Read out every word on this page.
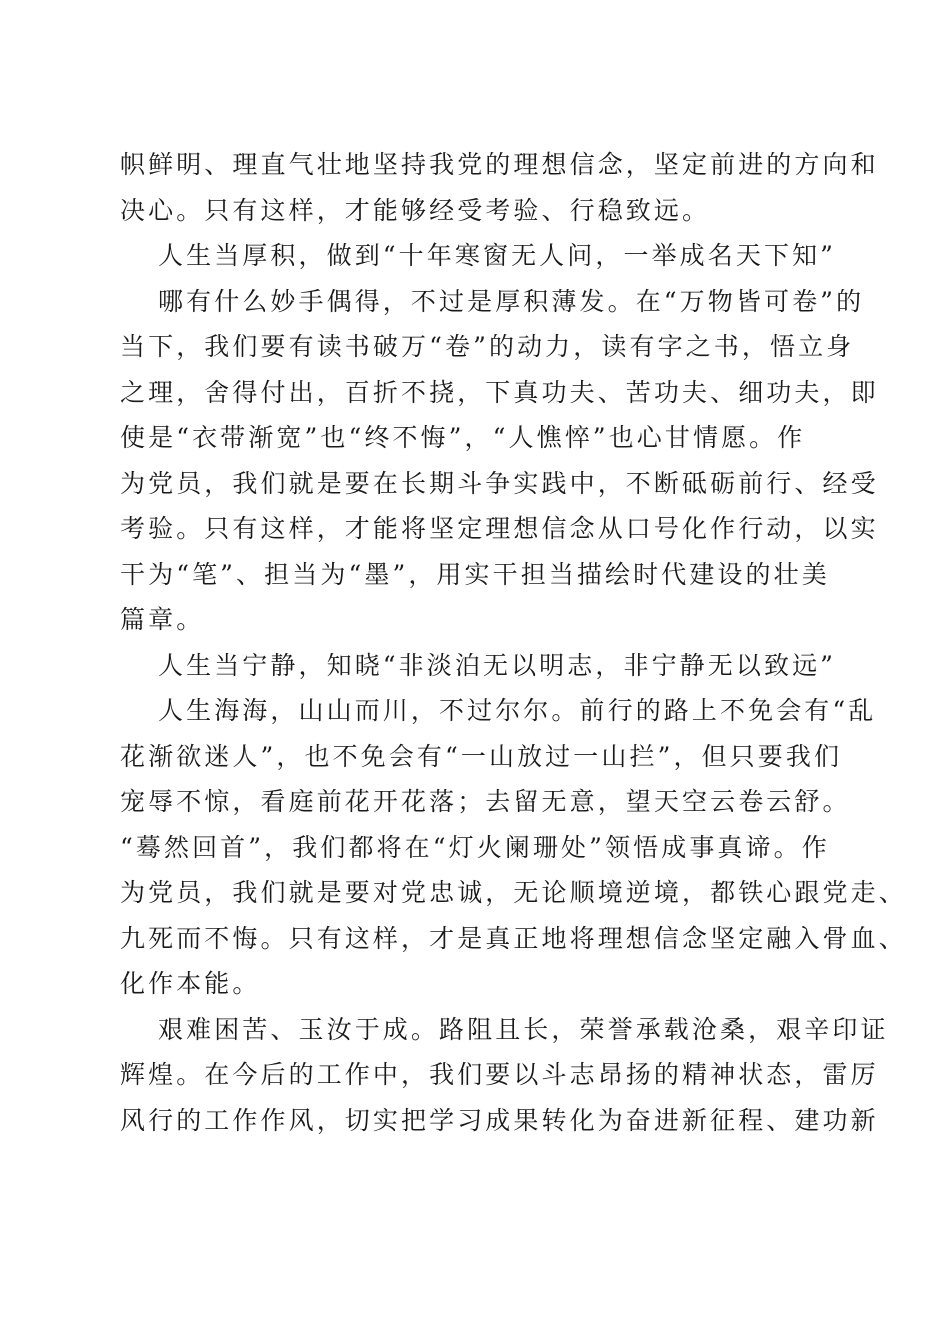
帜鲜明、理直气壮地坚持我党的理想信念，坚定前进的方向和
决心。只有这样，才能够经受考验、行稳致远。
人生当厚积，做到“十年寒窗无人问，一举成名天下知”
哪有什么妙手偶得，不过是厚积薄发。在“万物皆可卷”的
当下，我们要有读书破万“卷”的动力，读有字之书，悟立身
之理，舍得付出，百折不挠，下真功夫、苦功夫、细功夫，即
使是“衣带渐宽”也“终不悔”，“人憔悴”也心甘情愿。作
为党员，我们就是要在长期斗争实践中，不断砥砺前行、经受
考验。只有这样，才能将坚定理想信念从口号化作行动，以实
干为“笔”、担当为“墨”，用实干担当描绘时代建设的壮美
篇章。
人生当宁静，知晓“非淡泊无以明志，非宁静无以致远”
人生海海，山山而川，不过尔尔。前行的路上不免会有“乱
花渐欲迷人”，也不免会有“一山放过一山拦”，但只要我们
宠辱不惊，看庭前花开花落；去留无意，望天空云卷云舒。
“蓦然回首”，我们都将在“灯火阑珊处”领悟成事真谛。作
为党员，我们就是要对党忠诚，无论顺境逆境，都铁心跟党走、
九死而不悔。只有这样，才是真正地将理想信念坚定融入骨血、
化作本能。
艰难困苦、玉汝于成。路阻且长，荣誉承载沧桑，艰辛印证
辉煌。在今后的工作中，我们要以斗志昂扬的精神状态，雷厉
风行的工作作风，切实把学习成果转化为奋进新征程、建功新
